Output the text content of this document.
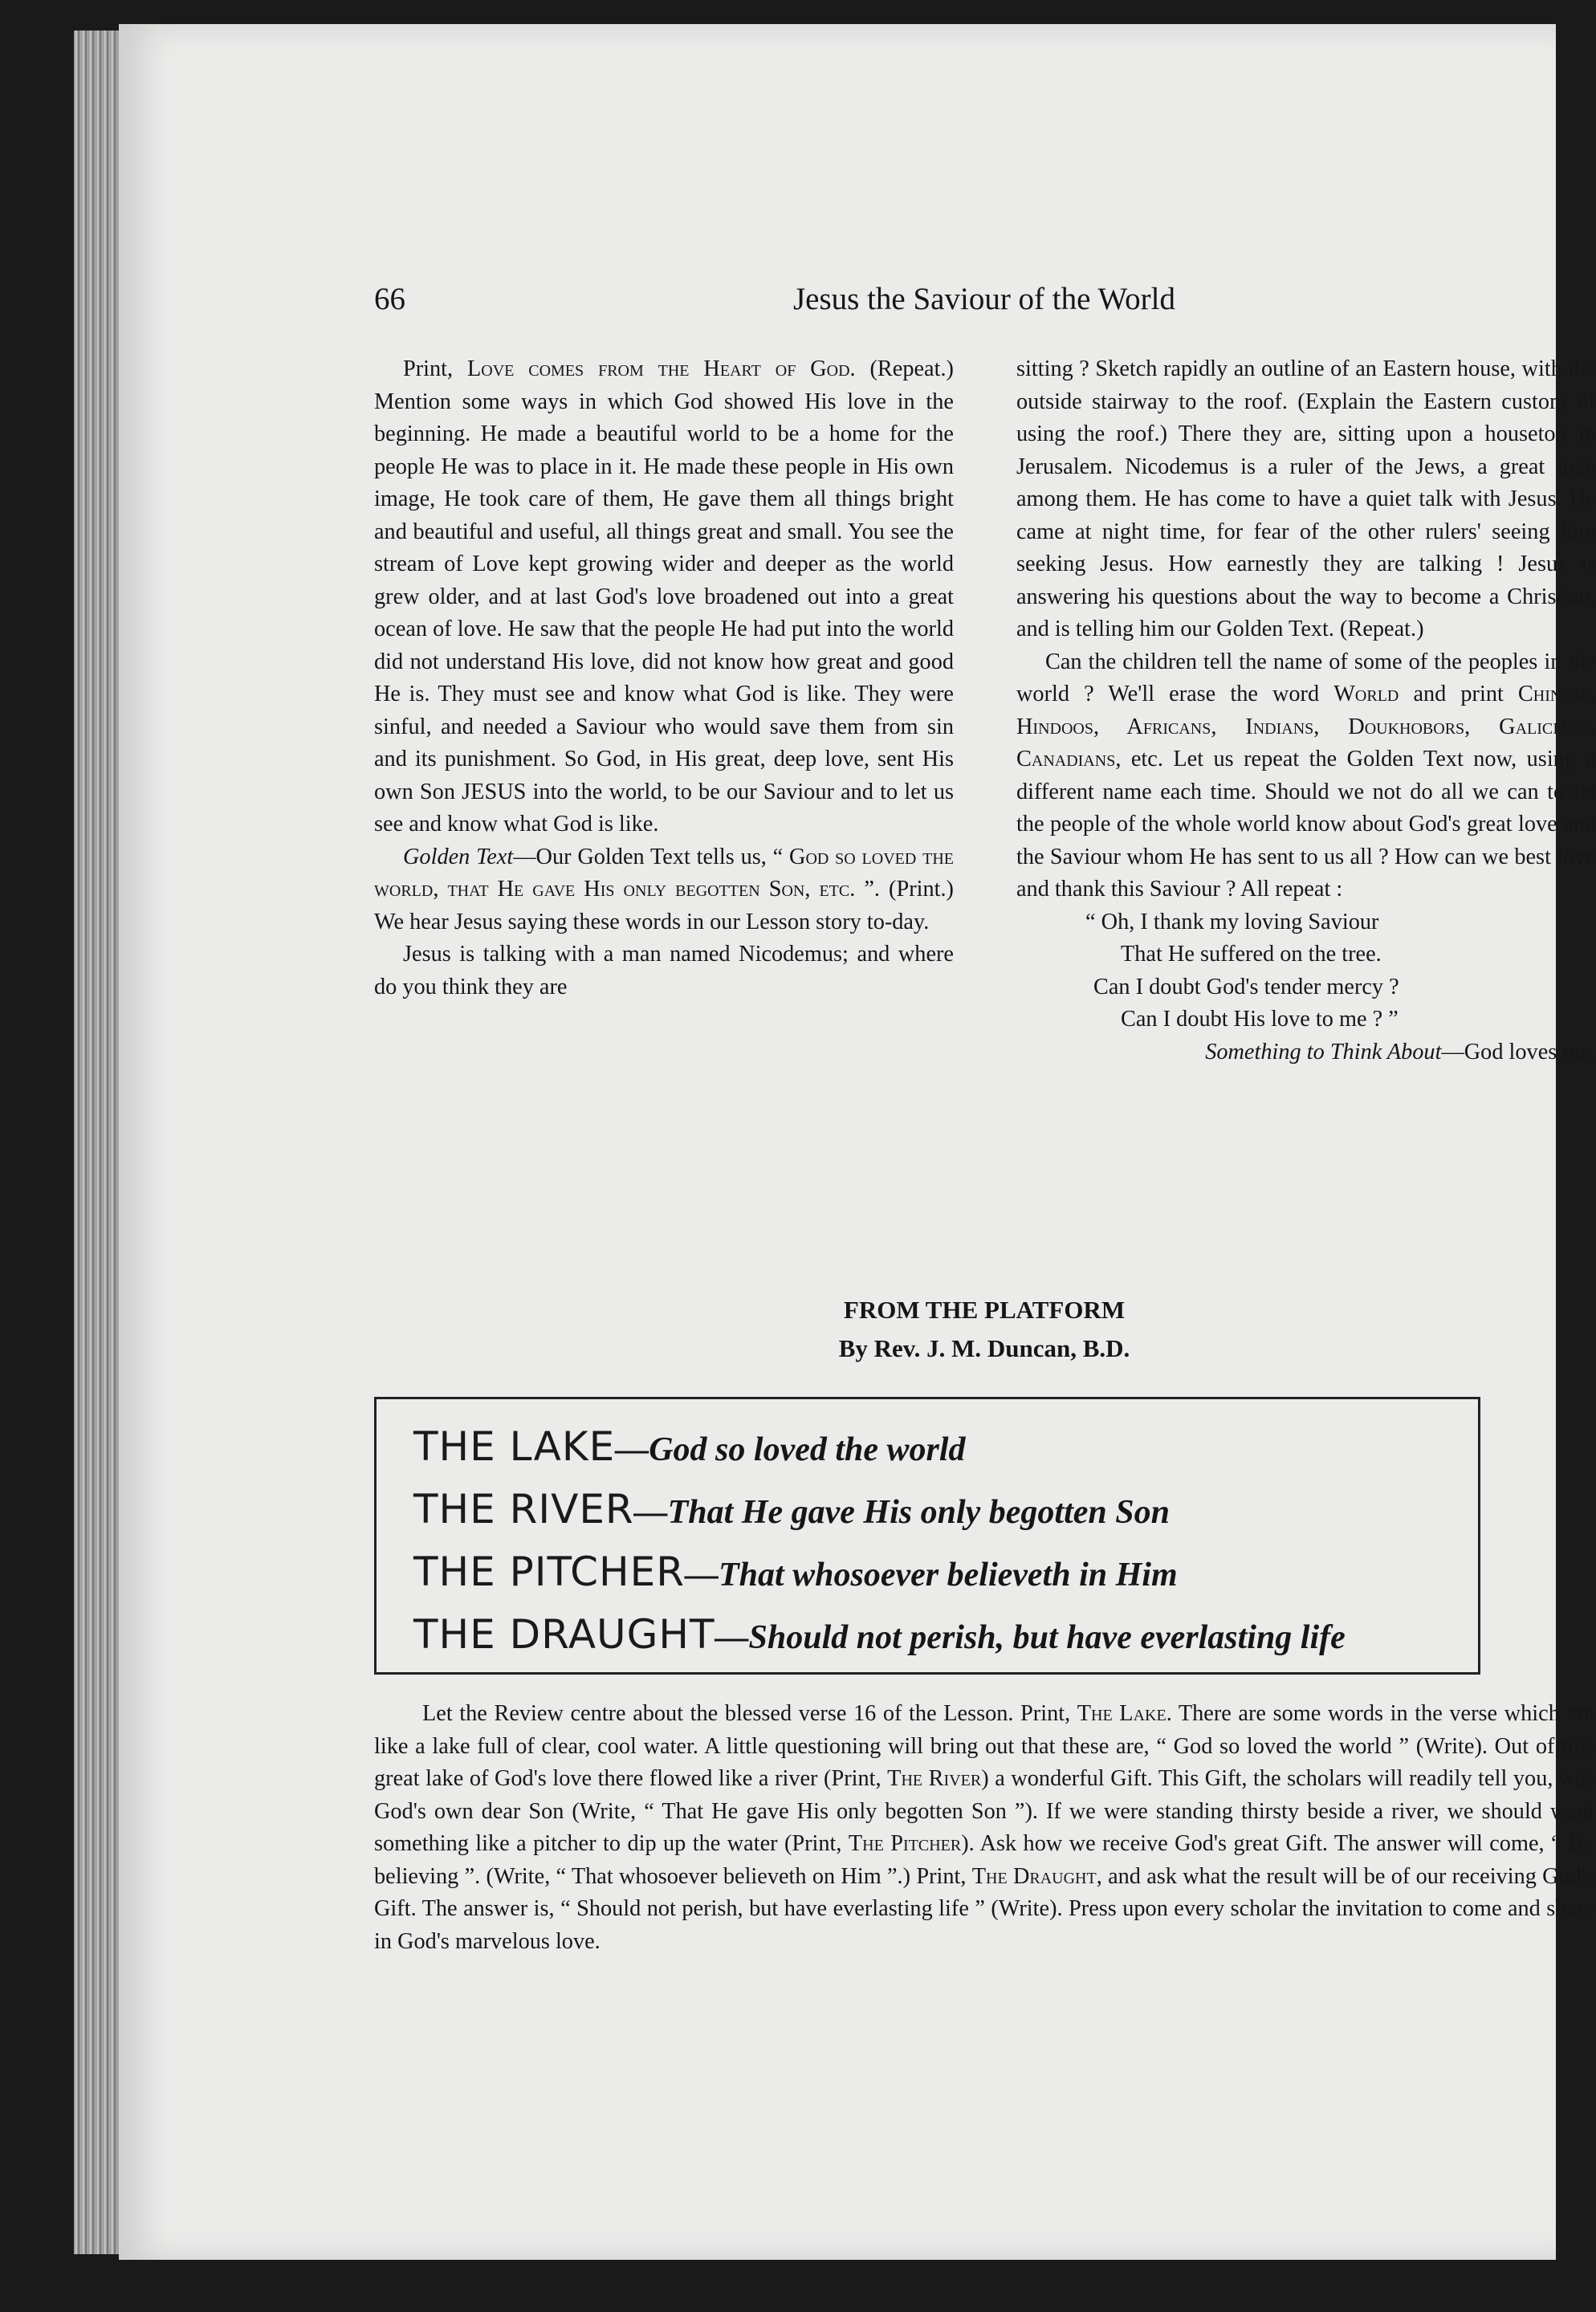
66	Jesus the Saviour of the World

Print, Love comes from the Heart of God. (Repeat.) Mention some ways in which God showed His love in the beginning. He made a beautiful world to be a home for the people He was to place in it. He made these people in His own image, He took care of them, He gave them all things bright and beautiful and useful, all things great and small. You see the stream of Love kept growing wider and deeper as the world grew older, and at last God's love broadened out into a great ocean of love. He saw that the people He had put into the world did not understand His love, did not know how great and good He is. They must see and know what God is like. They were sinful, and needed a Saviour who would save them from sin and its punishment. So God, in His great, deep love, sent His own Son JESUS into the world, to be our Saviour and to let us see and know what God is like.

Golden Text—Our Golden Text tells us, “ God so loved the world, that He gave His only begotten Son, etc. ”. (Print.) We hear Jesus saying these words in our Lesson story to-day.

Jesus is talking with a man named Nicodemus; and where do you think they are

sitting ? Sketch rapidly an outline of an Eastern house, with the outside stairway to the roof. (Explain the Eastern custom of using the roof.) There they are, sitting upon a housetop in Jerusalem. Nicodemus is a ruler of the Jews, a great man among them. He has come to have a quiet talk with Jesus. He came at night time, for fear of the other rulers' seeing him seeking Jesus. How earnestly they are talking ! Jesus is answering his questions about the way to become a Christian, and is telling him our Golden Text. (Repeat.)

Can the children tell the name of some of the peoples in the world ? We'll erase the word World and print Chinese, Hindoos, Africans, Indians, Doukhobors, Galicians, Canadians, etc. Let us repeat the Golden Text now, using a different name each time. Should we not do all we can to let the people of the whole world know about God's great love and the Saviour whom He has sent to us all ? How can we best love and thank this Saviour ? All repeat :

“ Oh, I thank my loving Saviour
That He suffered on the tree.
Can I doubt God's tender mercy ?
Can I doubt His love to me ? ”

Something to Think About—God loves me.

FROM THE PLATFORM
By Rev. J. M. Duncan, B.D.
THE LAKE—God so loved the world
THE RIVER—That He gave His only begotten Son
THE PITCHER—That whosoever believeth in Him
THE DRAUGHT—Should not perish, but have everlasting life

Let the Review centre about the blessed verse 16 of the Lesson. Print, The Lake. There are some words in the verse which are like a lake full of clear, cool water. A little questioning will bring out that these are, “ God so loved the world ” (Write). Out of this great lake of God's love there flowed like a river (Print, The River) a wonderful Gift. This Gift, the scholars will readily tell you, was God's own dear Son (Write, “ That He gave His only begotten Son ”). If we were standing thirsty beside a river, we should want something like a pitcher to dip up the water (Print, The Pitcher). Ask how we receive God's great Gift. The answer will come, “ By believing ”. (Write, “ That whosoever believeth on Him ”.) Print, The Draught, and ask what the result will be of our receiving God's Gift. The answer is, “ Should not perish, but have everlasting life ” (Write). Press upon every scholar the invitation to come and share in God's marvelous love.
